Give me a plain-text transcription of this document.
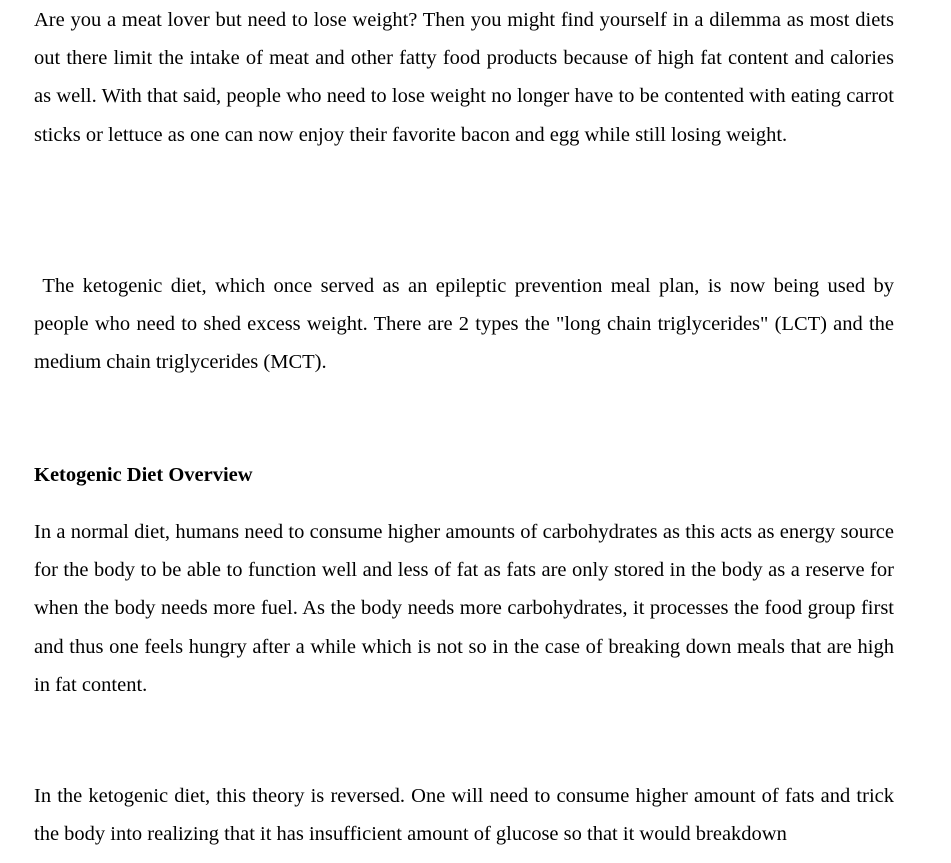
Are you a meat lover but need to lose weight? Then you might find yourself in a dilemma as most diets out there limit the intake of meat and other fatty food products because of high fat content and calories as well. With that said, people who need to lose weight no longer have to be contented with eating carrot sticks or lettuce as one can now enjoy their favorite bacon and egg while still losing weight.

The ketogenic diet, which once served as an epileptic prevention meal plan, is now being used by people who need to shed excess weight. There are 2 types the "long chain triglycerides" (LCT) and the medium chain triglycerides (MCT).

Ketogenic Diet Overview

In a normal diet, humans need to consume higher amounts of carbohydrates as this acts as energy source for the body to be able to function well and less of fat as fats are only stored in the body as a reserve for when the body needs more fuel. As the body needs more carbohydrates, it processes the food group first and thus one feels hungry after a while which is not so in the case of breaking down meals that are high in fat content.

In the ketogenic diet, this theory is reversed. One will need to consume higher amount of fats and trick the body into realizing that it has insufficient amount of glucose so that it would breakdown
